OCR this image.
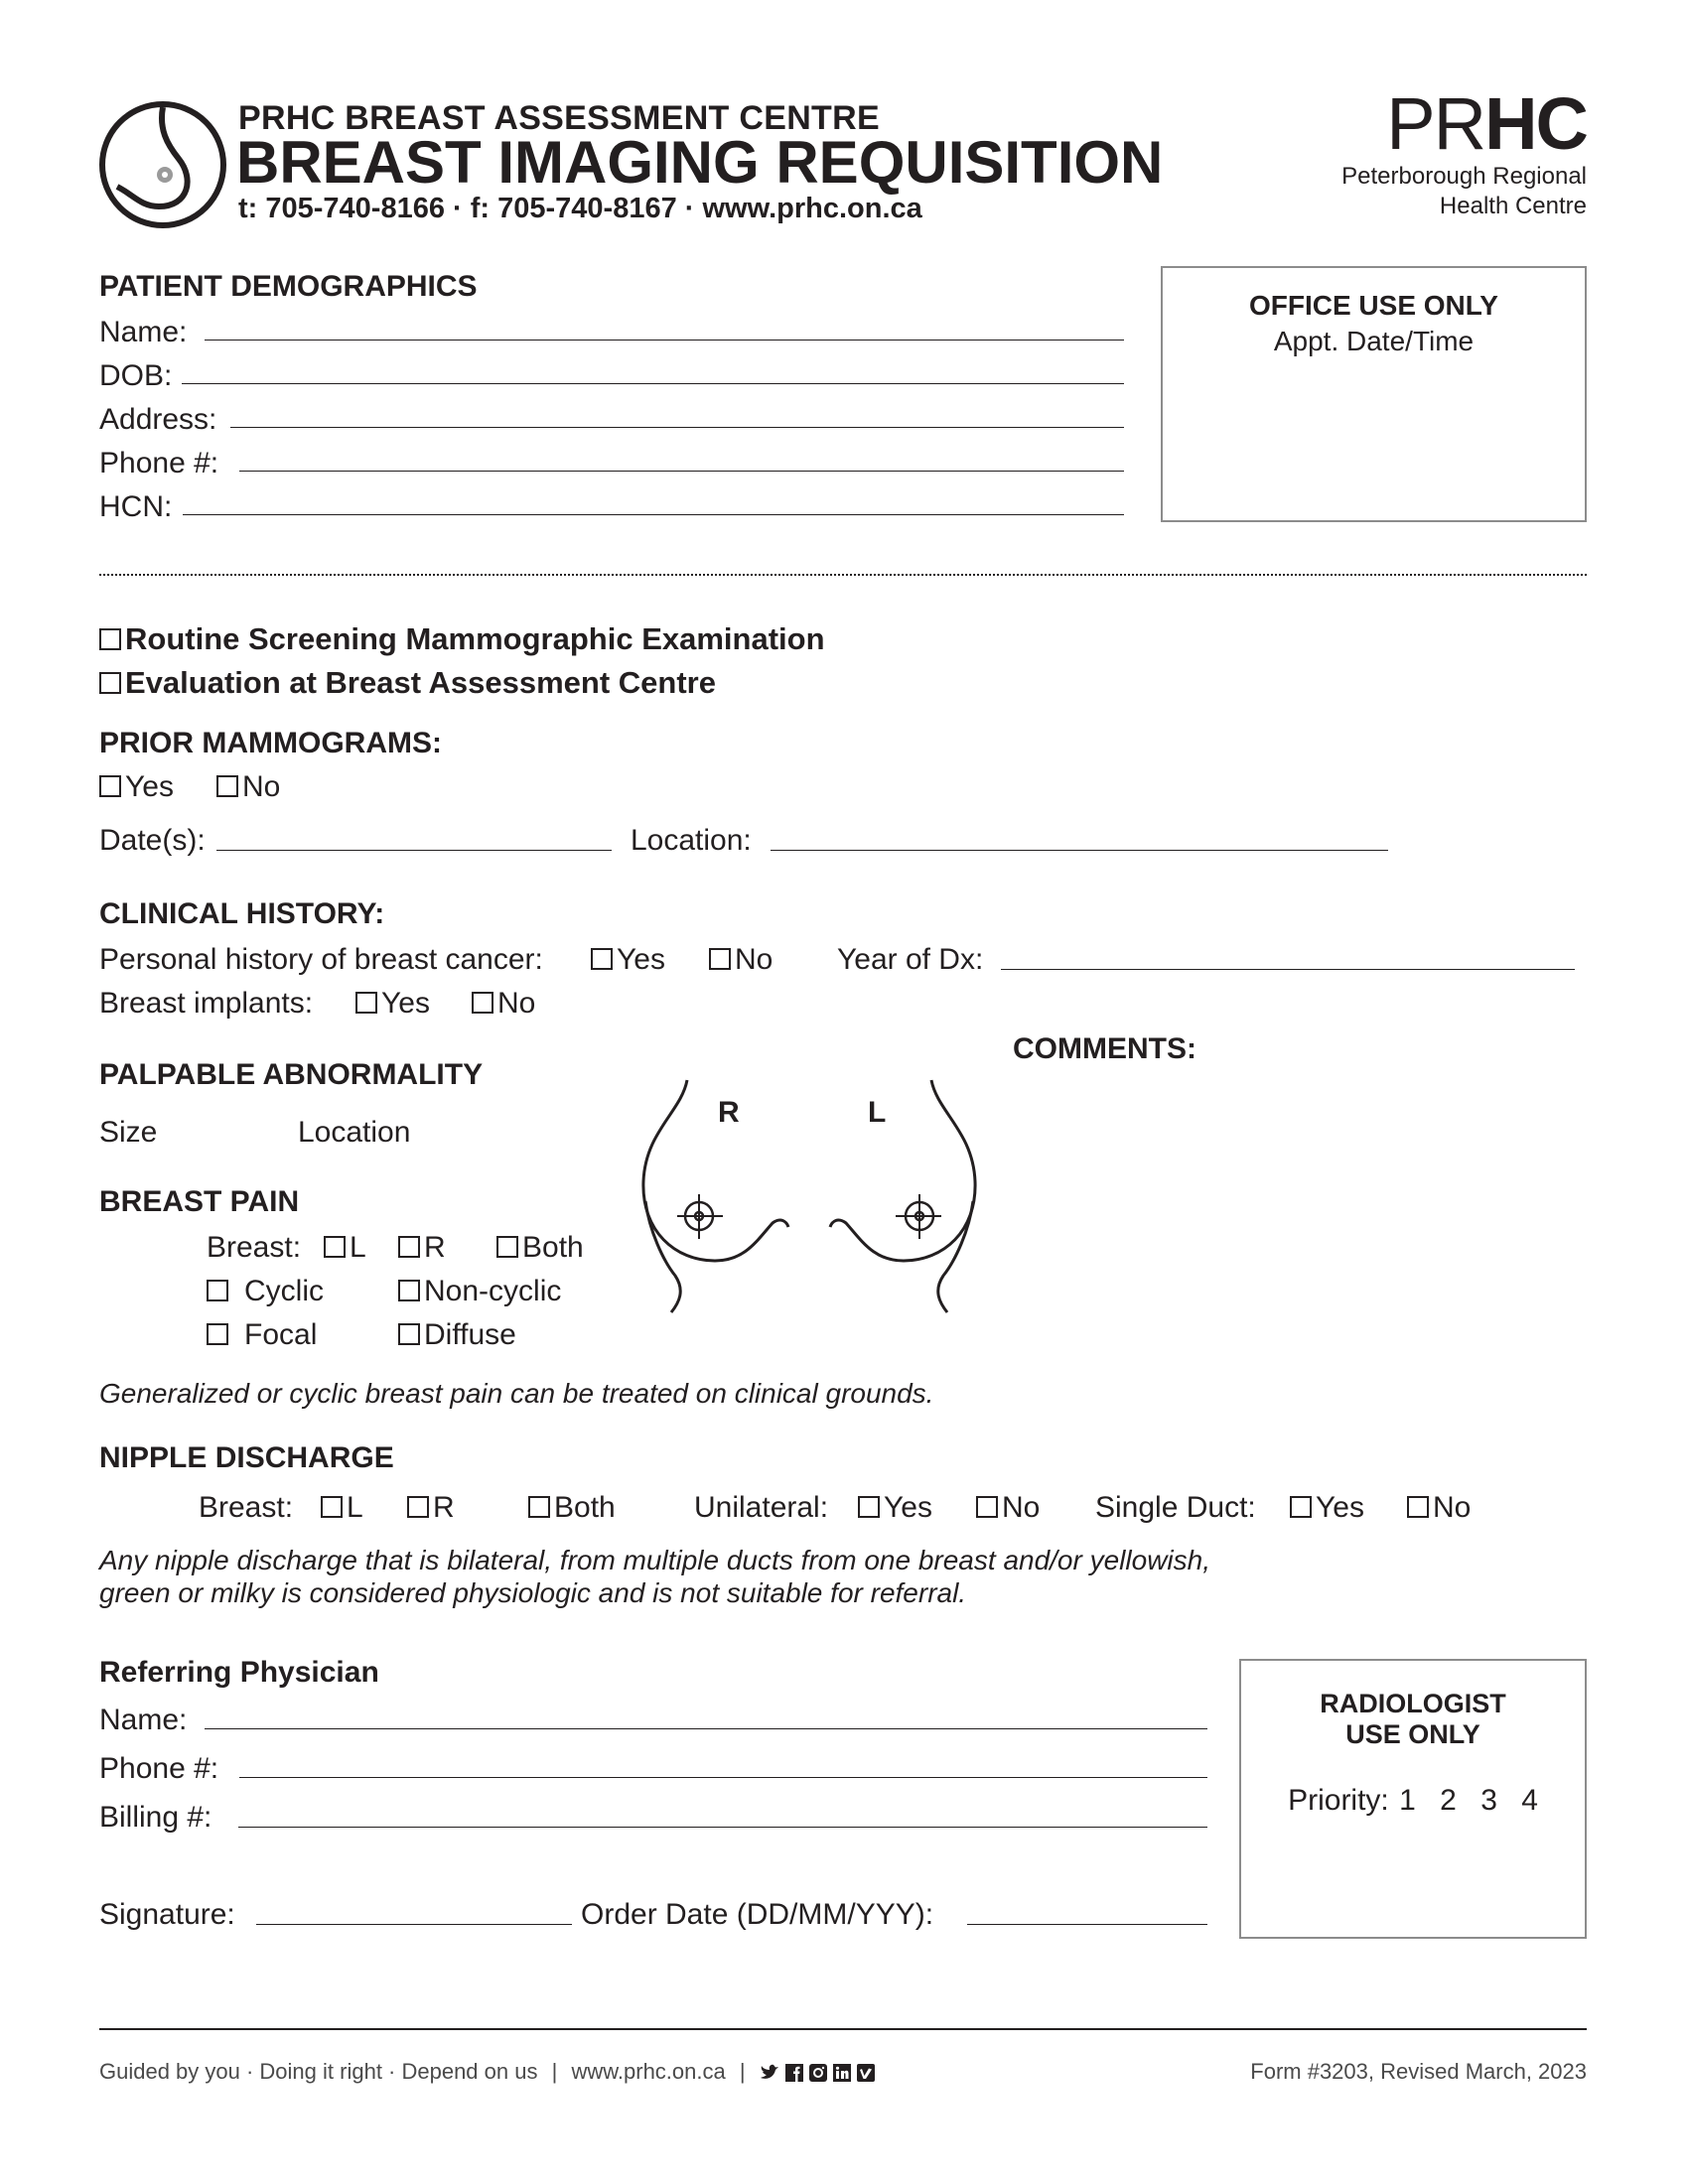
PRHC BREAST ASSESSMENT CENTRE
BREAST IMAGING REQUISITION
t: 705-740-8166 · f: 705-740-8167 · www.prhc.on.ca
PRHC
Peterborough Regional
Health Centre
PATIENT DEMOGRAPHICS
Name:
DOB:
Address:
Phone #:
HCN:
OFFICE USE ONLY
Appt. Date/Time
Routine Screening Mammographic Examination
Evaluation at Breast Assessment Centre
PRIOR MAMMOGRAMS:
Yes	No
Date(s):	Location:
CLINICAL HISTORY:
Personal history of breast cancer:	Yes	No Year of Dx:
Breast implants:	Yes	No
COMMENTS:
PALPABLE ABNORMALITY
Size	Location
R	L
BREAST PAIN
Breast:	L	R	Both
Cyclic	Non-cyclic
Focal	Diffuse
Generalized or cyclic breast pain can be treated on clinical grounds.
NIPPLE DISCHARGE
Breast:	L	R	Both	Unilateral:	Yes	No Single Duct:	Yes	No
Any nipple discharge that is bilateral, from multiple ducts from one breast and/or yellowish,
green or milky is considered physiologic and is not suitable for referral.
Referring Physician
Name:
Phone #:
Billing #:
Signature:	Order Date (DD/MM/YYY):
RADIOLOGIST
USE ONLY
Priority: 1 2 3 4
Guided by you · Doing it right · Depend on us | www.prhc.on.ca |	Form #3203, Revised March, 2023
